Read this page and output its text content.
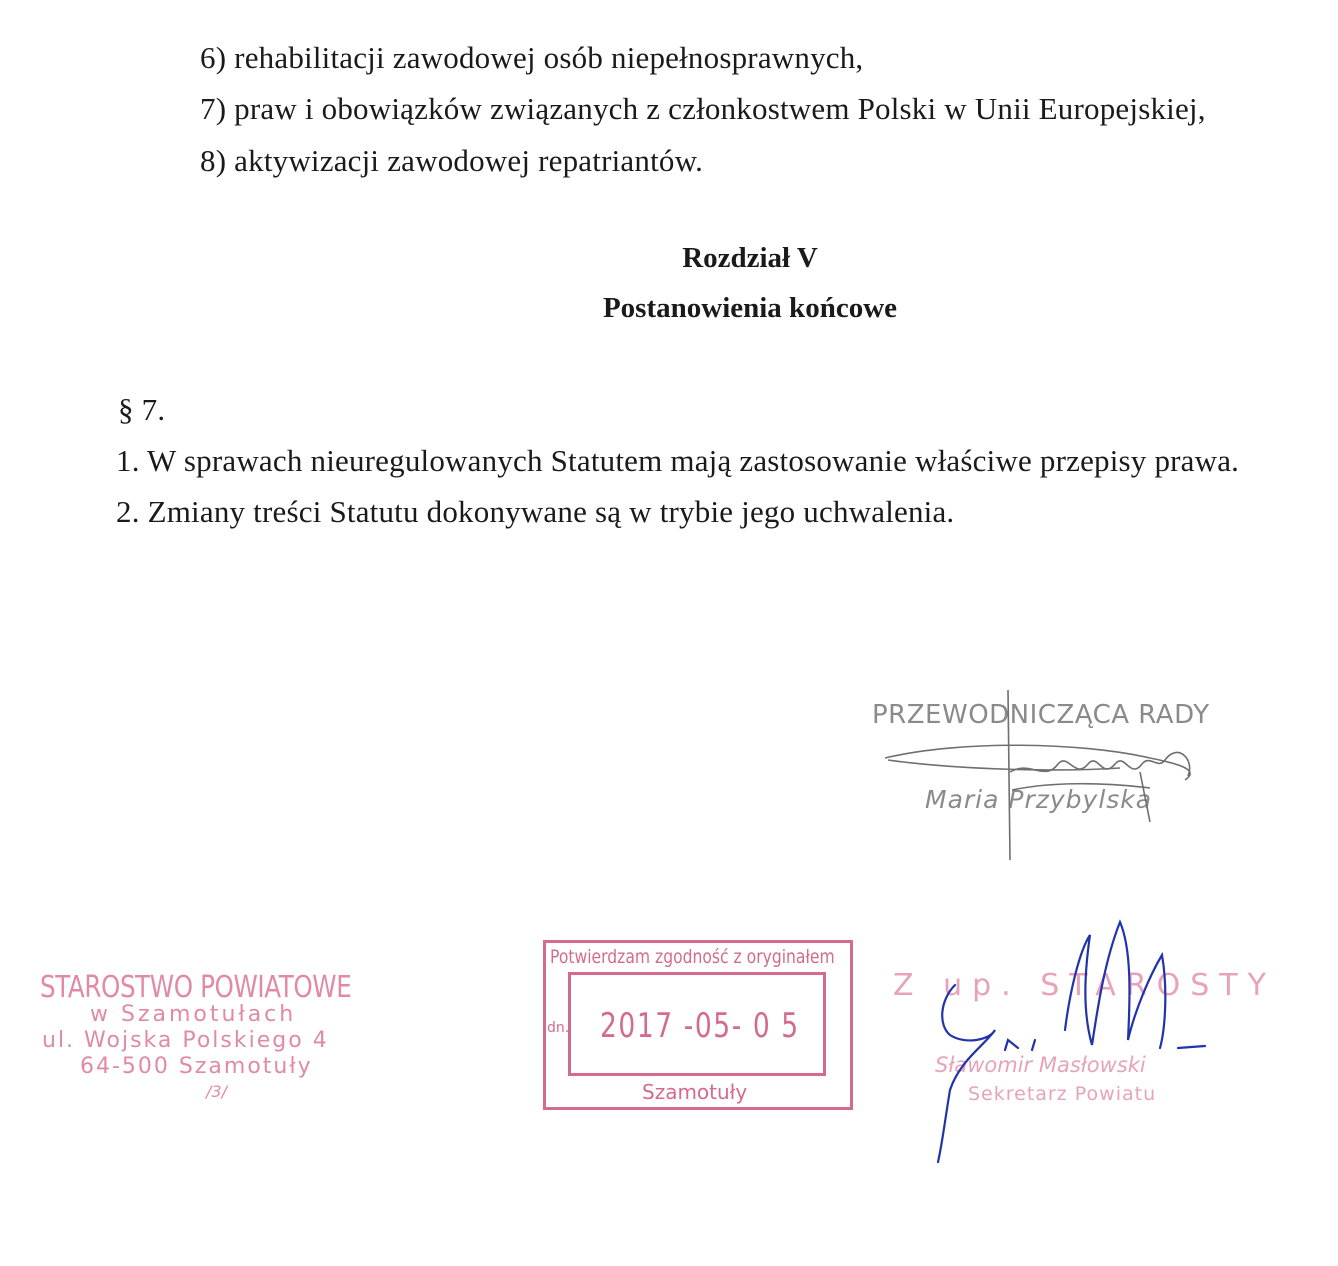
6) rehabilitacji zawodowej osób niepełnosprawnych,
7) praw i obowiązków związanych z członkostwem Polski w Unii Europejskiej,
8) aktywizacji zawodowej repatriantów.
Rozdział V
Postanowienia końcowe
§ 7.
1. W sprawach nieuregulowanych Statutem mają zastosowanie właściwe przepisy prawa.
2. Zmiany treści Statutu dokonywane są w trybie jego uchwalenia.
PRZEWODNICZĄCA RADY
Maria Przybylska
STAROSTWO POWIATOWE
w Szamotułach
ul. Wojska Polskiego 4
64-500 Szamotuły
/3/
Potwierdzam zgodność z oryginałem
dn. 2017 -05- 0 5
Szamotuły
Z up. STAROSTY
Sławomir Masłowski
Sekretarz Powiatu
